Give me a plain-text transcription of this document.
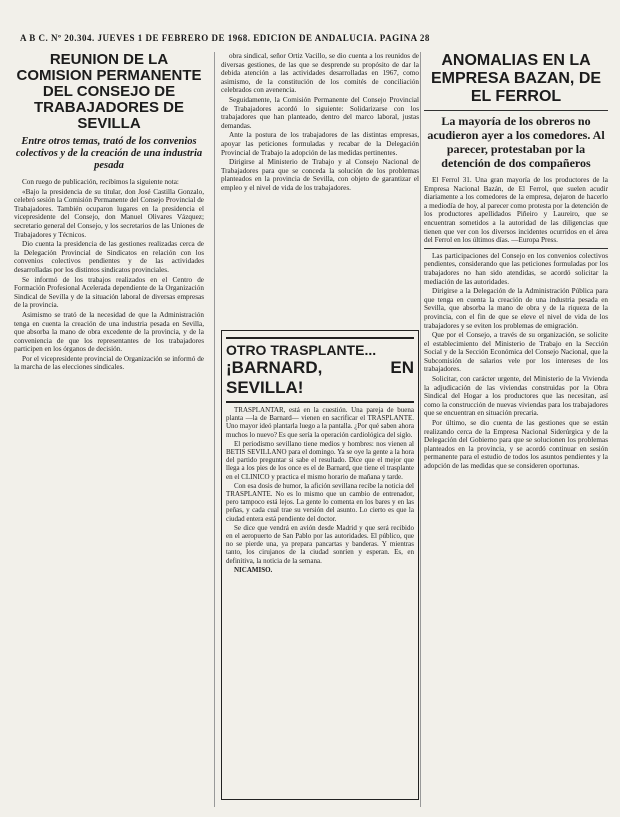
A B C. Nº 20.304. JUEVES 1 DE FEBRERO DE 1968. EDICION DE ANDALUCIA. PAGINA 28
REUNION DE LA COMISION PERMANENTE DEL CONSEJO DE TRABAJADORES DE SEVILLA
Entre otros temas, trató de los convenios colectivos y de la creación de una industria pesada

Con ruego de publicación, recibimos la siguiente nota:

«Bajo la presidencia de su titular, don José Castilla Gonzalo, celebró sesión la Comisión Permanente del Consejo Provincial de Trabajadores. También ocuparon lugares en la presidencia el vicepresidente del Consejo, don Manuel Olivares Vázquez; secretario general del Consejo, y los secretarios de las Uniones de Trabajadores y Técnicos.

Dio cuenta la presidencia de las gestiones realizadas cerca de la Delegación Provincial de Sindicatos en relación con los convenios colectivos pendientes y de las actividades desarrolladas por los distintos sindicatos provinciales.

Se informó de los trabajos realizados en el Centro de Formación Profesional Acelerada dependiente de la Organización Sindical de Sevilla y de la situación laboral de diversas empresas de la provincia.

Asimismo se trató de la necesidad de que la Administración tenga en cuenta la creación de una industria pesada en Sevilla, que absorba la mano de obra excedente de la provincia, y de la conveniencia de que los representantes de los trabajadores participen en los órganos de decisión.

Por el vicepresidente provincial de Organización se informó de la marcha de las elecciones sindicales.

obra sindical, señor Ortiz Vacillo, se dio cuenta a los reunidos de diversas gestiones, de las que se desprende su propósito de dar la debida atención a las actividades desarrolladas en 1967, como asimismo, de la constitución de los comités de conciliación celebrados con avenencia.

Seguidamente, la Comisión Permanente del Consejo Provincial de Trabajadores acordó lo siguiente: Solidarizarse con los trabajadores que han planteado, dentro del marco laboral, justas demandas.

Ante la postura de los trabajadores de las distintas empresas, apoyar las peticiones formuladas y recabar de la Delegación Provincial de Trabajo la adopción de las medidas pertinentes.

Dirigirse al Ministerio de Trabajo y al Consejo Nacional de Trabajadores para que se conceda la solución de los problemas planteados en la provincia de Sevilla, con objeto de garantizar el empleo y el nivel de vida de los trabajadores.

OTRO TRASPLANTE...
¡BARNARD, EN SEVILLA!

TRASPLANTAR, está en la cuestión. Una pareja de buena planta —la de Barnard— vienen en sacrificar el TRASPLANTE. Uno mayor ideó plantarla luego a la pantalla. ¿Por qué saben ahora muchos lo nuevo? Es que sería la operación cardiológica del siglo.

El periodismo sevillano tiene medios y hombres: nos vienen al BETIS SEVILLANO para el domingo. Ya se oye la gente a la hora del partido preguntar si sabe el resultado. Dice que el mejor que llega a los pies de los once es el de Barnard, que tiene el trasplante en el CLINICO y practica el mismo horario de mañana y tarde.

Con esa dosis de humor, la afición sevillana recibe la noticia del TRASPLANTE. No es lo mismo que un cambio de entrenador, pero tampoco está lejos. La gente lo comenta en los bares y en las peñas, y cada cual trae su versión del asunto. Lo cierto es que la ciudad entera está pendiente del doctor.

Se dice que vendrá en avión desde Madrid y que será recibido en el aeropuerto de San Pablo por las autoridades. El público, que no se pierde una, ya prepara pancartas y banderas. Y mientras tanto, los cirujanos de la ciudad sonríen y esperan. Es, en definitiva, la noticia de la semana.

NICAMISO.

ANOMALIAS EN LA EMPRESA BAZAN, DE EL FERROL
La mayoría de los obreros no acudieron ayer a los comedores. Al parecer, protestaban por la detención de dos compañeros

El Ferrol 31. Una gran mayoría de los productores de la Empresa Nacional Bazán, de El Ferrol, que suelen acudir diariamente a los comedores de la empresa, dejaron de hacerlo a mediodía de hoy, al parecer como protesta por la detención de los productores apellidados Piñeiro y Laureiro, que se encuentran sometidos a la autoridad de las diligencias que tienen que ver con los diversos incidentes ocurridos en el área del Ferrol en los últimos días. —Europa Press.

Las participaciones del Consejo en los convenios colectivos pendientes, considerando que las peticiones formuladas por los trabajadores no han sido atendidas, se acordó solicitar la mediación de las autoridades.

Dirigirse a la Delegación de la Administración Pública para que tenga en cuenta la creación de una industria pesada en Sevilla, que absorba la mano de obra y de la riqueza de la provincia, con el fin de que se eleve el nivel de vida de los trabajadores y se eviten los problemas de emigración.

Que por el Consejo, a través de su organización, se solicite el establecimiento del Ministerio de Trabajo en la Sección Social y de la Sección Económica del Consejo Nacional, que la Subcomisión de salarios vele por los intereses de los trabajadores.

Solicitar, con carácter urgente, del Ministerio de la Vivienda la adjudicación de las viviendas construidas por la Obra Sindical del Hogar a los productores que las necesitan, así como la construcción de nuevas viviendas para los trabajadores que se encuentran en situación precaria.

Por último, se dio cuenta de las gestiones que se están realizando cerca de la Empresa Nacional Siderúrgica y de la Delegación del Gobierno para que se solucionen los problemas planteados en la provincia, y se acordó continuar en sesión permanente para el estudio de todos los asuntos pendientes y la adopción de las medidas que se consideren oportunas.
